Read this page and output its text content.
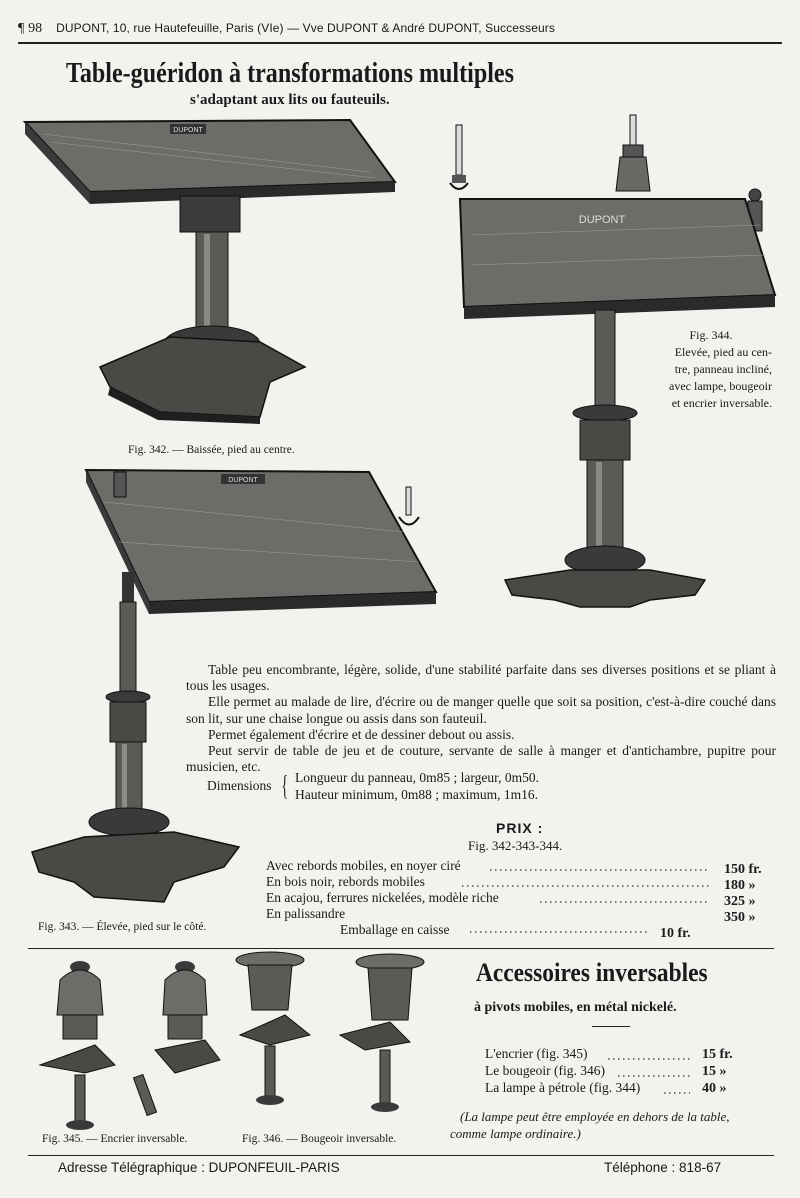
¶ 98 DUPONT, 10, rue Hautefeuille, Paris (VIe) — Vve DUPONT & André DUPONT, Successeurs
Table-guéridon à transformations multiples
s'adaptant aux lits ou fauteuils.
DUPONT
Fig. 342. — Baissée, pied au centre.
DUPONT
Fig. 344.
Elevée, pied au cen-
tre, panneau incliné,
avec lampe, bougeoir
et encrier inversable.
DUPONT
Fig. 343. — Élevée, pied sur le côté.

Table peu encombrante, légère, solide, d'une stabilité parfaite dans ses diverses positions et se pliant à tous les usages.

Elle permet au malade de lire, d'écrire ou de manger quelle que soit sa position, c'est-à-dire couché dans son lit, sur une chaise longue ou assis dans son fauteuil.

Permet également d'écrire et de dessiner debout ou assis.

Peut servir de table de jeu et de couture, servante de salle à manger et d'antichambre, pupitre pour musicien, etc.

Dimensions { Longueur du panneau, 0m85 ; largeur, 0m50.
Hauteur minimum, 0m88 ; maximum, 1m16.
PRIX :
Fig. 342-343-344.
Avec rebords mobiles, en noyer ciré
En bois noir, rebords mobiles
En acajou, ferrures nickelées, modèle riche
En palissandre
Emballage en caisse
150 fr.
180 »
325 »
350 »
10 fr.
Fig. 345. — Encrier inversable.	Fig. 346. — Bougeoir inversable.
Accessoires inversables
à pivots mobiles, en métal nickelé.
L'encrier (fig. 345)
Le bougeoir (fig. 346)
La lampe à pétrole (fig. 344)
15 fr.
15 »
40 »
(La lampe peut être employée en dehors de la table,
comme lampe ordinaire.)
Adresse Télégraphique : DUPONFEUIL-PARIS	Téléphone : 818-67
